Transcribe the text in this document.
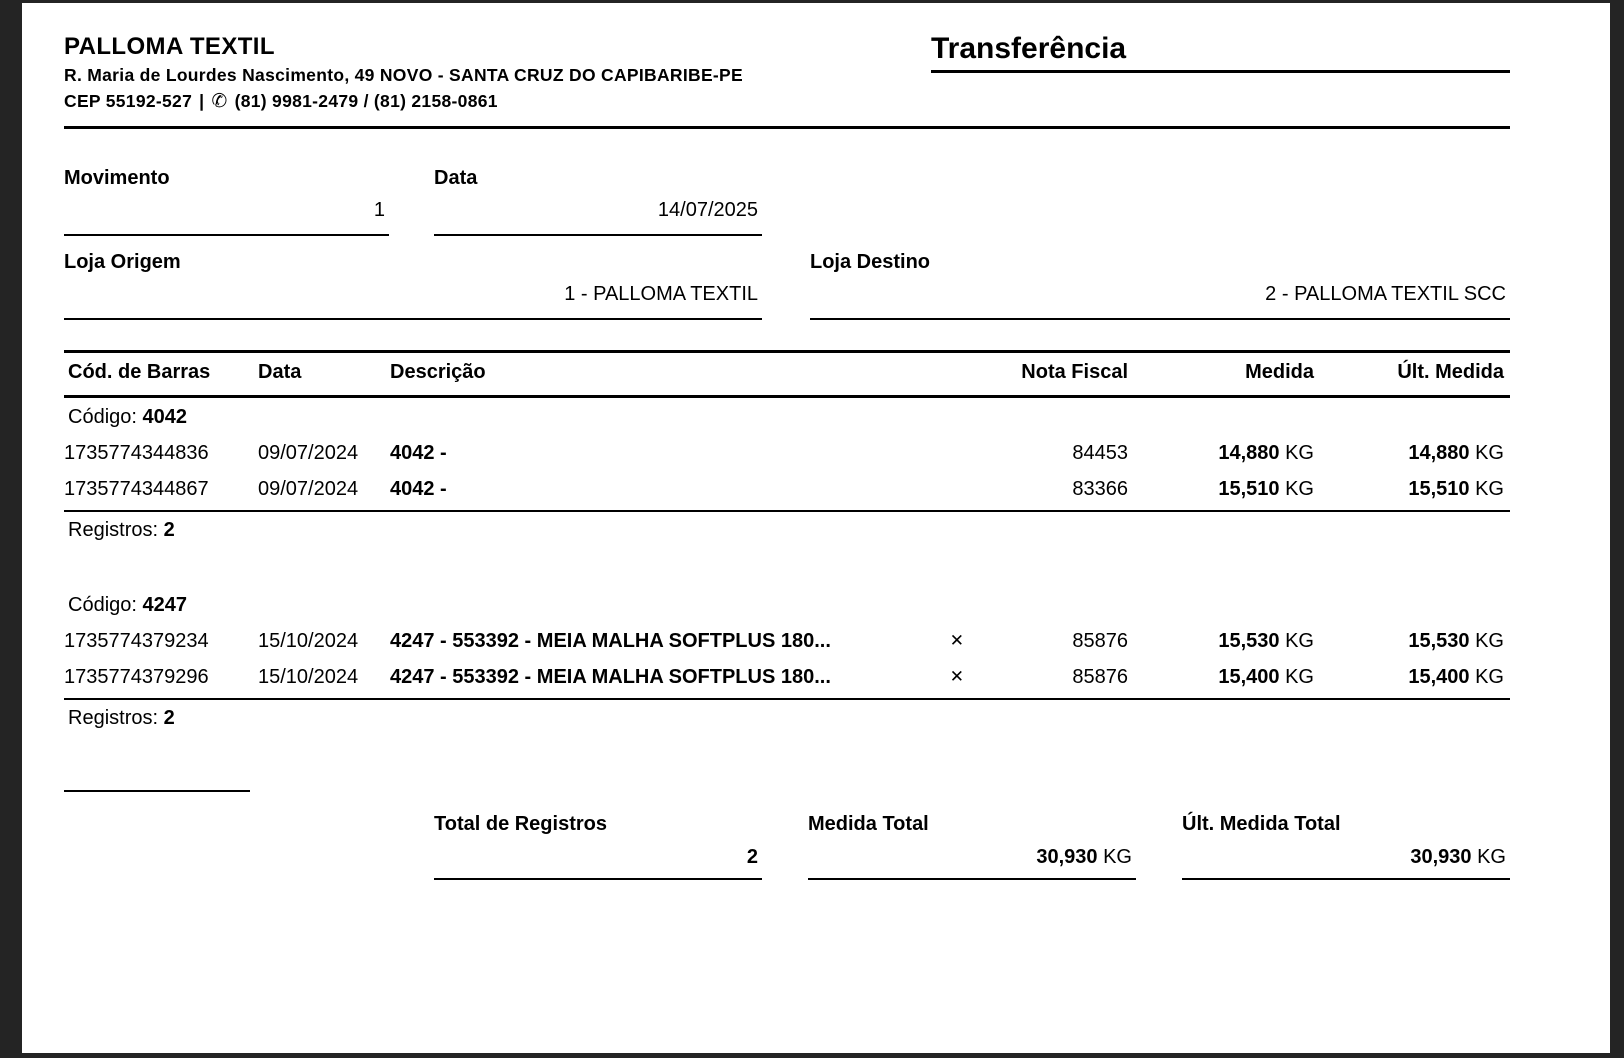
PALLOMA TEXTIL
R. Maria de Lourdes Nascimento, 49 NOVO - SANTA CRUZ DO CAPIBARIBE-PE
CEP 55192-527 | ✆ (81) 9981-2479 / (81) 2158-0861
Transferência
Movimento
1
Data
14/07/2025
Loja Origem
1 - PALLOMA TEXTIL
Loja Destino
2 - PALLOMA TEXTIL SCC
Cód. de Barras	Data	Descrição	Nota Fiscal	Medida	Últ. Medida
Código: 4042
1735774344836	09/07/2024	4042 -	84453	14,880 KG	14,880 KG
1735774344867	09/07/2024	4042 -	83366	15,510 KG	15,510 KG
Registros: 2
Código: 4247
1735774379234	15/10/2024	4247 - 553392 - MEIA MALHA SOFTPLUS 180...	✕	85876	15,530 KG	15,530 KG
1735774379296	15/10/2024	4247 - 553392 - MEIA MALHA SOFTPLUS 180...	✕	85876	15,400 KG	15,400 KG
Registros: 2
Total de Registros
2
Medida Total
30,930 KG
Últ. Medida Total
30,930 KG
